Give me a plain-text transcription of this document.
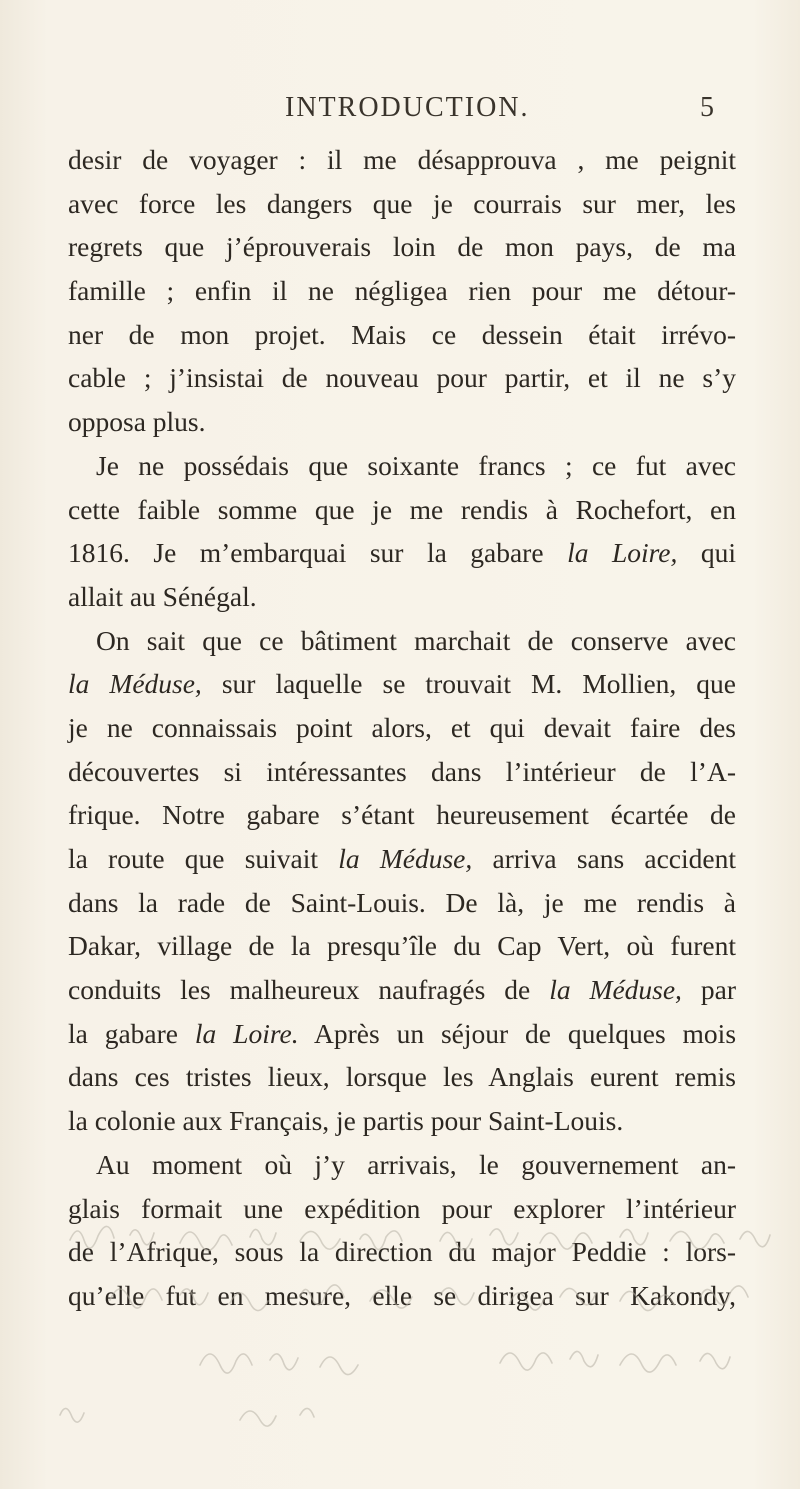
INTRODUCTION.	5
desir de voyager : il me désapprouva , me peignit
avec force les dangers que je courrais sur mer, les
regrets que j’éprouverais loin de mon pays, de ma
famille ; enfin il ne négligea rien pour me détour-
ner de mon projet. Mais ce dessein était irrévo-
cable ; j’insistai de nouveau pour partir, et il ne s’y
opposa plus.
Je ne possédais que soixante francs ; ce fut avec
cette faible somme que je me rendis à Rochefort, en
1816. Je m’embarquai sur la gabare la Loire, qui
allait au Sénégal.
On sait que ce bâtiment marchait de conserve avec
la Méduse, sur laquelle se trouvait M. Mollien, que
je ne connaissais point alors, et qui devait faire des
découvertes si intéressantes dans l’intérieur de l’A-
frique. Notre gabare s’étant heureusement écartée de
la route que suivait la Méduse, arriva sans accident
dans la rade de Saint-Louis. De là, je me rendis à
Dakar, village de la presqu’île du Cap Vert, où furent
conduits les malheureux naufragés de la Méduse, par
la gabare la Loire. Après un séjour de quelques mois
dans ces tristes lieux, lorsque les Anglais eurent remis
la colonie aux Français, je partis pour Saint-Louis.
Au moment où j’y arrivais, le gouvernement an-
glais formait une expédition pour explorer l’intérieur
de l’Afrique, sous la direction du major Peddie : lors-
qu’elle fut en mesure, elle se dirigea sur Kakondy,
